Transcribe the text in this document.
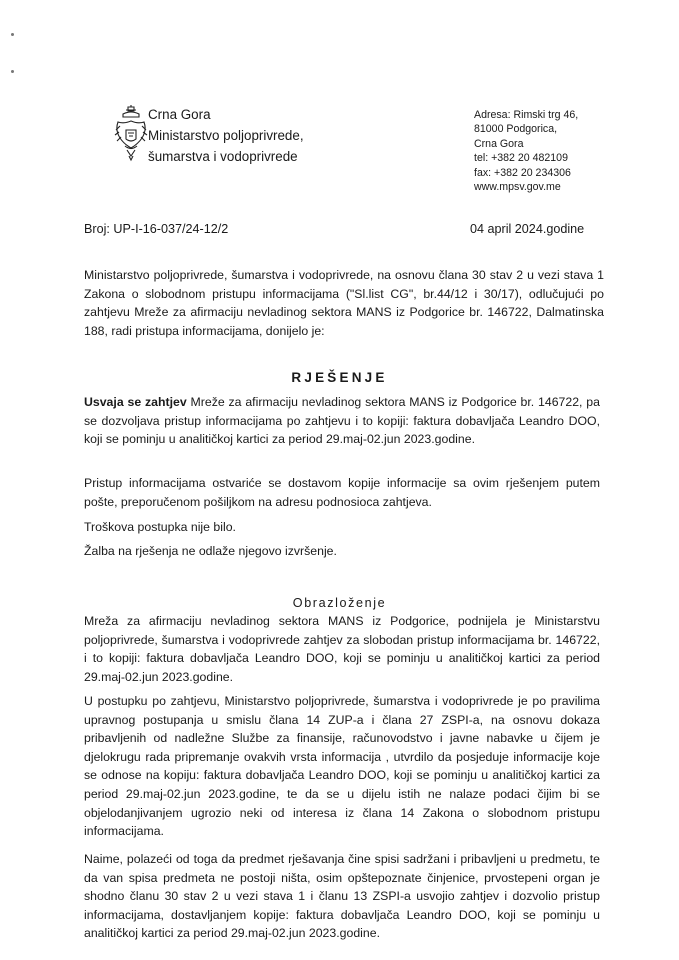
Crna Gora
Ministarstvo poljoprivrede,
šumarstva i vodoprivrede
Adresa: Rimski trg 46,
81000 Podgorica,
Crna Gora
tel: +382 20 482109
fax: +382 20 234306
www.mpsv.gov.me
Broj: UP-I-16-037/24-12/2	04 april 2024.godine

Ministarstvo poljoprivrede, šumarstva i vodoprivrede, na osnovu člana 30 stav 2 u vezi stava 1 Zakona o slobodnom pristupu informacijama ("Sl.list CG", br.44/12 i 30/17), odlučujući po zahtjevu Mreže za afirmaciju nevladinog sektora MANS iz Podgorice br. 146722, Dalmatinska 188, radi pristupa informacijama, donijelo je:

RJEŠENJE

Usvaja se zahtjev Mreže za afirmaciju nevladinog sektora MANS iz Podgorice br. 146722, pa se dozvoljava pristup informacijama po zahtjevu i to kopiji: faktura dobavljača Leandro DOO, koji se pominju u analitičkoj kartici za period 29.maj-02.jun 2023.godine.

Pristup informacijama ostvariće se dostavom kopije informacije sa ovim rješenjem putem pošte, preporučenom pošiljkom na adresu podnosioca zahtjeva.

Troškova postupka nije bilo.

Žalba na rješenja ne odlaže njegovo izvršenje.

Obrazloženje

Mreža za afirmaciju nevladinog sektora MANS iz Podgorice, podnijela je Ministarstvu poljoprivrede, šumarstva i vodoprivrede zahtjev za slobodan pristup informacijama br. 146722, i to kopiji: faktura dobavljača Leandro DOO, koji se pominju u analitičkoj kartici za period 29.maj-02.jun 2023.godine.

U postupku po zahtjevu, Ministarstvo poljoprivrede, šumarstva i vodoprivrede je po pravilima upravnog postupanja u smislu člana 14 ZUP-a i člana 27 ZSPI-a, na osnovu dokaza pribavljenih od nadležne Službe za finansije, računovodstvo i javne nabavke u čijem je djelokrugu rada pripremanje ovakvih vrsta informacija , utvrdilo da posjeduje informacije koje se odnose na kopiju: faktura dobavljača Leandro DOO, koji se pominju u analitičkoj kartici za period 29.maj-02.jun 2023.godine, te da se u dijelu istih ne nalaze podaci čijim bi se objelodanjivanjem ugrozio neki od interesa iz člana 14 Zakona o slobodnom pristupu informacijama.

Naime, polazeći od toga da predmet rješavanja čine spisi sadržani i pribavljeni u predmetu, te da van spisa predmeta ne postoji ništa, osim opštepoznate činjenice, prvostepeni organ je shodno članu 30 stav 2 u vezi stava 1 i članu 13 ZSPI-a usvojio zahtjev i dozvolio pristup informacijama, dostavljanjem kopije: faktura dobavljača Leandro DOO, koji se pominju u analitičkoj kartici za period 29.maj-02.jun 2023.godine.
